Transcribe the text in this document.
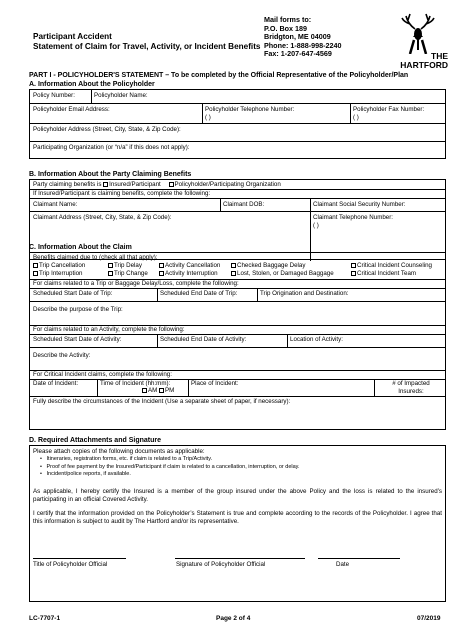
Participant Accident
Statement of Claim for Travel, Activity, or Incident Benefits
Mail forms to:
P.O. Box 189
Bridgton, ME 04009
Phone: 1-888-998-2240
Fax: 1-207-647-4569	THE
HARTFORD
PART I - POLICYHOLDER'S STATEMENT – To be completed by the Official Representative of the Policyholder/Plan
A. Information About the Policyholder
Policy Number:	Policyholder Name:
Policyholder Email Address:	Policyholder Telephone Number:
( )
Policyholder Fax Number:
( )
Policyholder Address (Street, City, State, & Zip Code):
Participating Organization (or “n/a” if this does not apply):
B. Information About the Party Claiming Benefits
Party claiming benefits is Insured/Participant Policyholder/Participating Organization
If Insured/Participant is claiming benefits, complete the following:
Claimant Name:	Claimant DOB:	Claimant Social Security Number:
Claimant Address (Street, City, State, & Zip Code):	Claimant Telephone Number:
( )
C. Information About the Claim
Benefits claimed due to (check all that apply):
Trip Cancellation
Trip Interruption
Trip Delay
Trip Change
Activity Cancellation
Activity Interruption
Checked Baggage Delay
Lost, Stolen, or Damaged Baggage
Critical Incident Counseling
Critical Incident Team
For claims related to a Trip or Baggage Delay/Loss, complete the following:
Scheduled Start Date of Trip:	Scheduled End Date of Trip:	Trip Origination and Destination:
Describe the purpose of the Trip:
For claims related to an Activity, complete the following:
Scheduled Start Date of Activity:	Scheduled End Date of Activity:	Location of Activity:
Describe the Activity:
For Critical Incident claims, complete the following:
Date of Incident:	Time of Incident (hh:mm):
AM PM
Place of Incident:	# of Impacted
Insureds:
Fully describe the circumstances of the Incident (Use a separate sheet of paper, if necessary):
D. Required Attachments and Signature
Please attach copies of the following documents as applicable:
•   Itineraries, registration forms, etc. if claim is related to a Trip/Activity.
•   Proof of fee payment by the Insured/Participant if claim is related to a cancellation, interruption, or delay.
•   Incident/police reports, if available.
As applicable, I hereby certify the Insured is a member of the group insured under the above Policy and the loss is related to the insured’s participating in an official Covered Activity.
I certify that the information provided on the Policyholder’s Statement is true and complete according to the records of the Policyholder. I agree that this information is subject to audit by The Hartford and/or its representative.
Title of Policyholder Official	Signature of Policyholder Official	Date
LC-7707-1	Page 2 of 4	07/2019
